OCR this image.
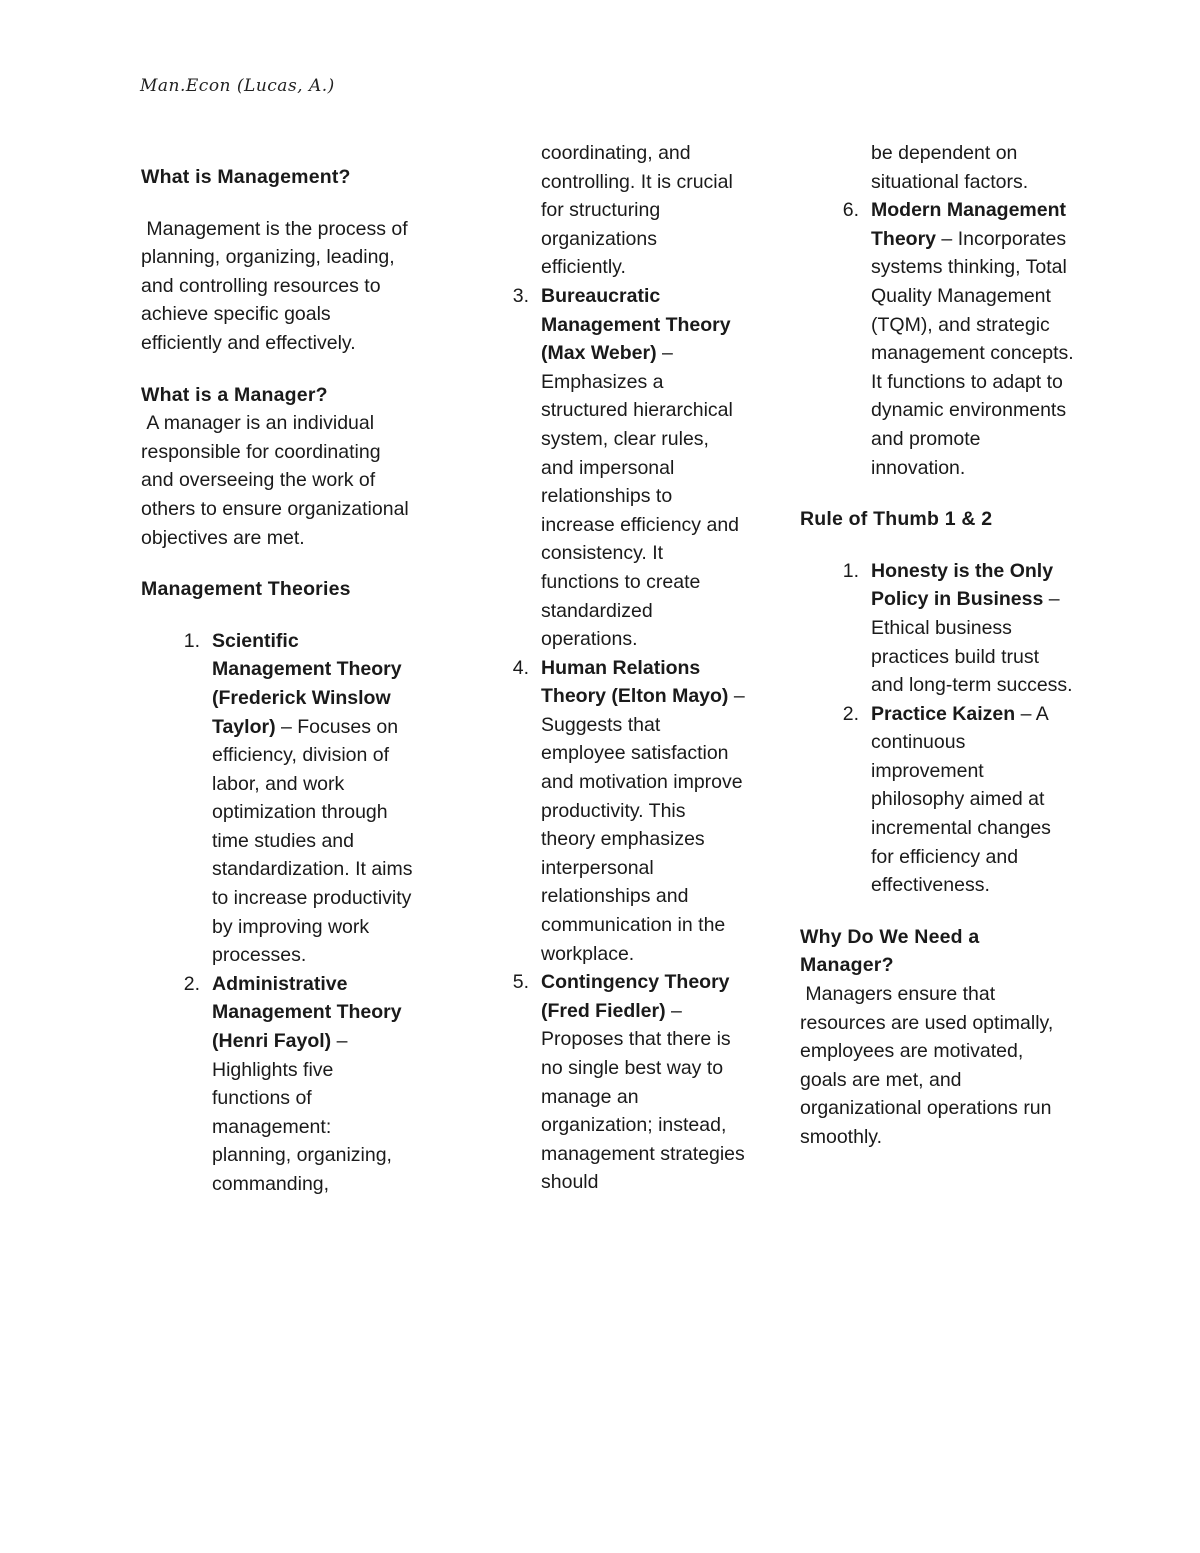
Man.Econ (Lucas, A.)
What is Management?

Management is the process of planning, organizing, leading, and controlling resources to achieve specific goals efficiently and effectively.

What is a Manager?

A manager is an individual responsible for coordinating and overseeing the work of others to ensure organizational objectives are met.

Management Theories
1. Scientific Management Theory (Frederick Winslow Taylor) – Focuses on efficiency, division of labor, and work optimization through time studies and standardization. It aims to increase productivity by improving work processes.
2. Administrative Management Theory (Henri Fayol) – Highlights five functions of management: planning, organizing, commanding,

coordinating, and controlling. It is crucial for structuring organizations efficiently.

3. Bureaucratic Management Theory (Max Weber) – Emphasizes a structured hierarchical system, clear rules, and impersonal relationships to increase efficiency and consistency. It functions to create standardized operations.
4. Human Relations Theory (Elton Mayo) – Suggests that employee satisfaction and motivation improve productivity. This theory emphasizes interpersonal relationships and communication in the workplace.
5. Contingency Theory (Fred Fiedler) – Proposes that there is no single best way to manage an organization; instead, management strategies should

be dependent on situational factors.

6. Modern Management Theory – Incorporates systems thinking, Total Quality Management (TQM), and strategic management concepts. It functions to adapt to dynamic environments and promote innovation.
Rule of Thumb 1 & 2
1. Honesty is the Only Policy in Business – Ethical business practices build trust and long-term success.
2. Practice Kaizen – A continuous improvement philosophy aimed at incremental changes for efficiency and effectiveness.
Why Do We Need a Manager?

Managers ensure that resources are used optimally, employees are motivated, goals are met, and organizational operations run smoothly.
